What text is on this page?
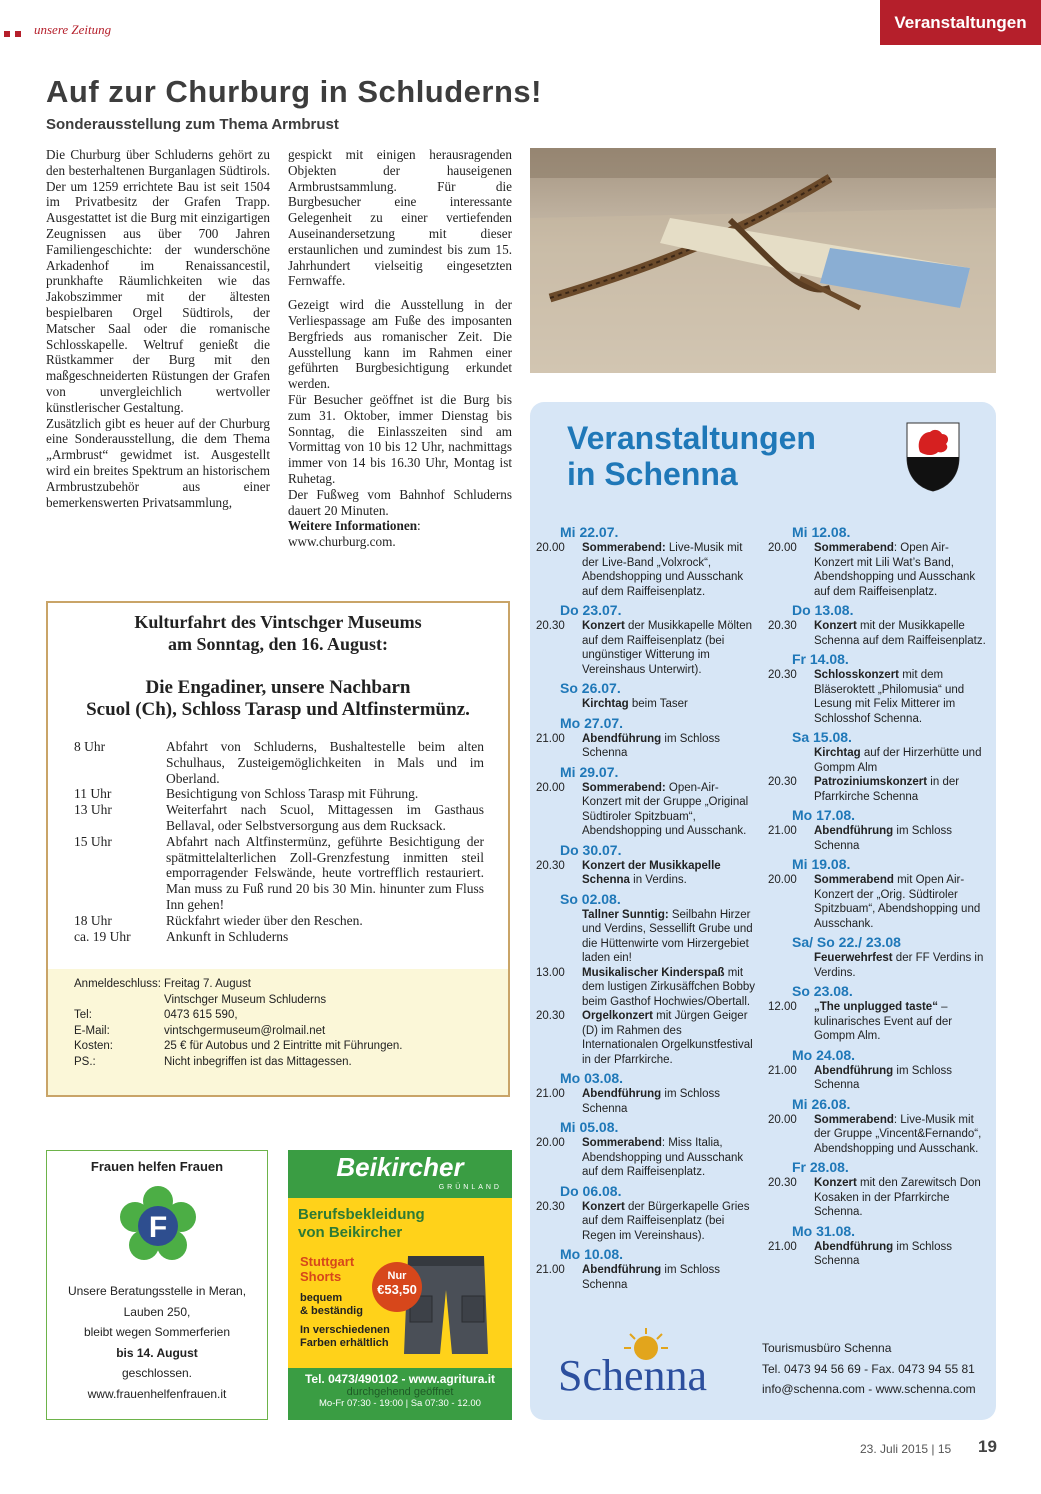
unsere Zeitung	Veranstaltungen
Auf zur Churburg in Schluderns!
Sonderausstellung zum Thema Armbrust

Die Churburg über Schluderns gehört zu den besterhaltenen Burganlagen Südtirols. Der um 1259 errichtete Bau ist seit 1504 im Privatbesitz der Grafen Trapp. Ausgestattet ist die Burg mit einzigartigen Zeugnissen aus über 700 Jahren Familiengeschichte: der wunderschöne Arkadenhof im Renaissancestil, prunkhafte Räumlichkeiten wie das Jakobszimmer mit der ältesten bespielbaren Orgel Südtirols, der Matscher Saal oder die romanische Schlosskapelle. Weltruf genießt die Rüstkammer der Burg mit den maßgeschneiderten Rüstungen der Grafen von unvergleichlich wertvoller künstlerischer Gestaltung.

Zusätzlich gibt es heuer auf der Churburg eine Sonderausstellung, die dem Thema „Armbrust“ gewidmet ist. Ausgestellt wird ein breites Spektrum an historischem Armbrustzubehör aus einer bemerkenswerten Privatsammlung,

gespickt mit einigen herausragenden Objekten der hauseigenen Armbrustsammlung. Für die Burgbesucher eine interessante Gelegenheit zu einer vertiefenden Auseinandersetzung mit dieser erstaunlichen und zumindest bis zum 15. Jahrhundert vielseitig eingesetzten Fernwaffe.

Gezeigt wird die Ausstellung in der Verliespassage am Fuße des imposanten Bergfrieds aus romanischer Zeit. Die Ausstellung kann im Rahmen einer geführten Burgbesichtigung erkundet werden.

Für Besucher geöffnet ist die Burg bis zum 31. Oktober, immer Dienstag bis Sonntag, die Einlasszeiten sind am Vormittag von 10 bis 12 Uhr, nachmittags immer von 14 bis 16.30 Uhr, Montag ist Ruhetag.

Der Fußweg vom Bahnhof Schluderns dauert 20 Minuten.

Weitere Informationen:
www.churburg.com.

Kulturfahrt des Vintschger Museums
am Sonntag, den 16. August:
Die Engadiner, unsere Nachbarn
Scuol (Ch), Schloss Tarasp und Altfinstermünz.
8 Uhr	Abfahrt von Schluderns, Bushaltestelle beim alten Schulhaus, Zusteigemöglichkeiten in Mals und im Oberland.
11 Uhr	Besichtigung von Schloss Tarasp mit Führung.
13 Uhr	Weiterfahrt nach Scuol, Mittagessen im Gasthaus Bellaval, oder Selbstversorgung aus dem Rucksack.
15 Uhr	Abfahrt nach Altfinstermünz, geführte Besichtigung der spätmittelalterlichen Zoll-Grenzfestung inmitten steil emporragender Felswände, heute vortrefflich restauriert. Man muss zu Fuß rund 20 bis 30 Min. hinunter zum Fluss Inn gehen!
18 Uhr	Rückfahrt wieder über den Reschen.
ca. 19 Uhr	Ankunft in Schluderns
Anmeldeschluss: Freitag 7. August
Vintschger Museum Schluderns
Tel:	0473 615 590,
E-Mail:	vintschgermuseum@rolmail.net
Kosten:	25 € für Autobus und 2 Eintritte mit Führungen.
PS.:	Nicht inbegriffen ist das Mittagessen.
Frauen helfen Frauen
F
Unsere Beratungsstelle in Meran,
Lauben 250,
bleibt wegen Sommerferien
bis 14. August
geschlossen.
www.frauenhelfenfrauen.it
Beikircher
GRÜNLAND
Berufsbekleidung
von Beikircher
Stuttgart
Shorts
bequem
& beständig
In verschiedenen
Farben erhältlich
Nur
€53,50
Tel. 0473/490102 - www.agritura.it
durchgehend geöffnet
Mo-Fr 07:30 - 19:00 | Sa 07:30 - 12.00
Veranstaltungen
in Schenna
Mi 22.07.
20.00	Sommerabend: Live-Musik mit der Live-Band „Volxrock“, Abendshopping und Ausschank auf dem Raiffeisenplatz.
Do 23.07.
20.30	Konzert der Musikkapelle Mölten auf dem Raiffeisenplatz (bei ungünstiger Witterung im Vereinshaus Unterwirt).
So 26.07.
Kirchtag beim Taser
Mo 27.07.
21.00	Abendführung im Schloss Schenna
Mi 29.07.
20.00	Sommerabend: Open-Air-Konzert mit der Gruppe „Original Südtiroler Spitzbuam“, Abendshopping und Ausschank.
Do 30.07.
20.30	Konzert der Musikkapelle Schenna in Verdins.
So 02.08.
Tallner Sunntig: Seilbahn Hirzer und Verdins, Sessellift Grube und die Hüttenwirte vom Hirzergebiet laden ein!
13.00	Musikalischer Kinderspaß mit dem lustigen Zirkusäffchen Bobby beim Gasthof Hochwies/Obertall.
20.30	Orgelkonzert mit Jürgen Geiger (D) im Rahmen des Internationalen Orgelkunstfestival in der Pfarrkirche.
Mo 03.08.
21.00	Abendführung im Schloss Schenna
Mi 05.08.
20.00	Sommerabend: Miss Italia, Abendshopping und Ausschank auf dem Raiffeisenplatz.
Do 06.08.
20.30	Konzert der Bürgerkapelle Gries auf dem Raiffeisenplatz (bei Regen im Vereinshaus).
Mo 10.08.
21.00	Abendführung im Schloss Schenna
Mi 12.08.
20.00	Sommerabend: Open Air-Konzert mit Lili Wat’s Band, Abendshopping und Ausschank auf dem Raiffeisenplatz.
Do 13.08.
20.30	Konzert mit der Musikkapelle Schenna auf dem Raiffeisenplatz.
Fr 14.08.
20.30	Schlosskonzert mit dem Bläseroktett „Philomusia“ und Lesung mit Felix Mitterer im Schlosshof Schenna.
Sa 15.08.
Kirchtag auf der Hirzerhütte und Gompm Alm
20.30	Patroziniumskonzert in der Pfarrkirche Schenna
Mo 17.08.
21.00	Abendführung im Schloss Schenna
Mi 19.08.
20.00	Sommerabend mit Open Air-Konzert der „Orig. Südtiroler Spitzbuam“, Abendshopping und Ausschank.
Sa/ So 22./ 23.08
Feuerwehrfest der FF Verdins in Verdins.
So 23.08.
12.00	„The unplugged taste“ – kulinarisches Event auf der Gompm Alm.
Mo 24.08.
21.00	Abendführung im Schloss Schenna
Mi 26.08.
20.00	Sommerabend: Live-Musik mit der Gruppe „Vincent&Fernando“, Abendshopping und Ausschank.
Fr 28.08.
20.30	Konzert mit den Zarewitsch Don Kosaken in der Pfarrkirche Schenna.
Mo 31.08.
21.00	Abendführung im Schloss Schenna
Schenna
Tourismusbüro Schenna
Tel. 0473 94 56 69 - Fax. 0473 94 55 81
info@schenna.com - www.schenna.com
23. Juli 2015 | 15 19
